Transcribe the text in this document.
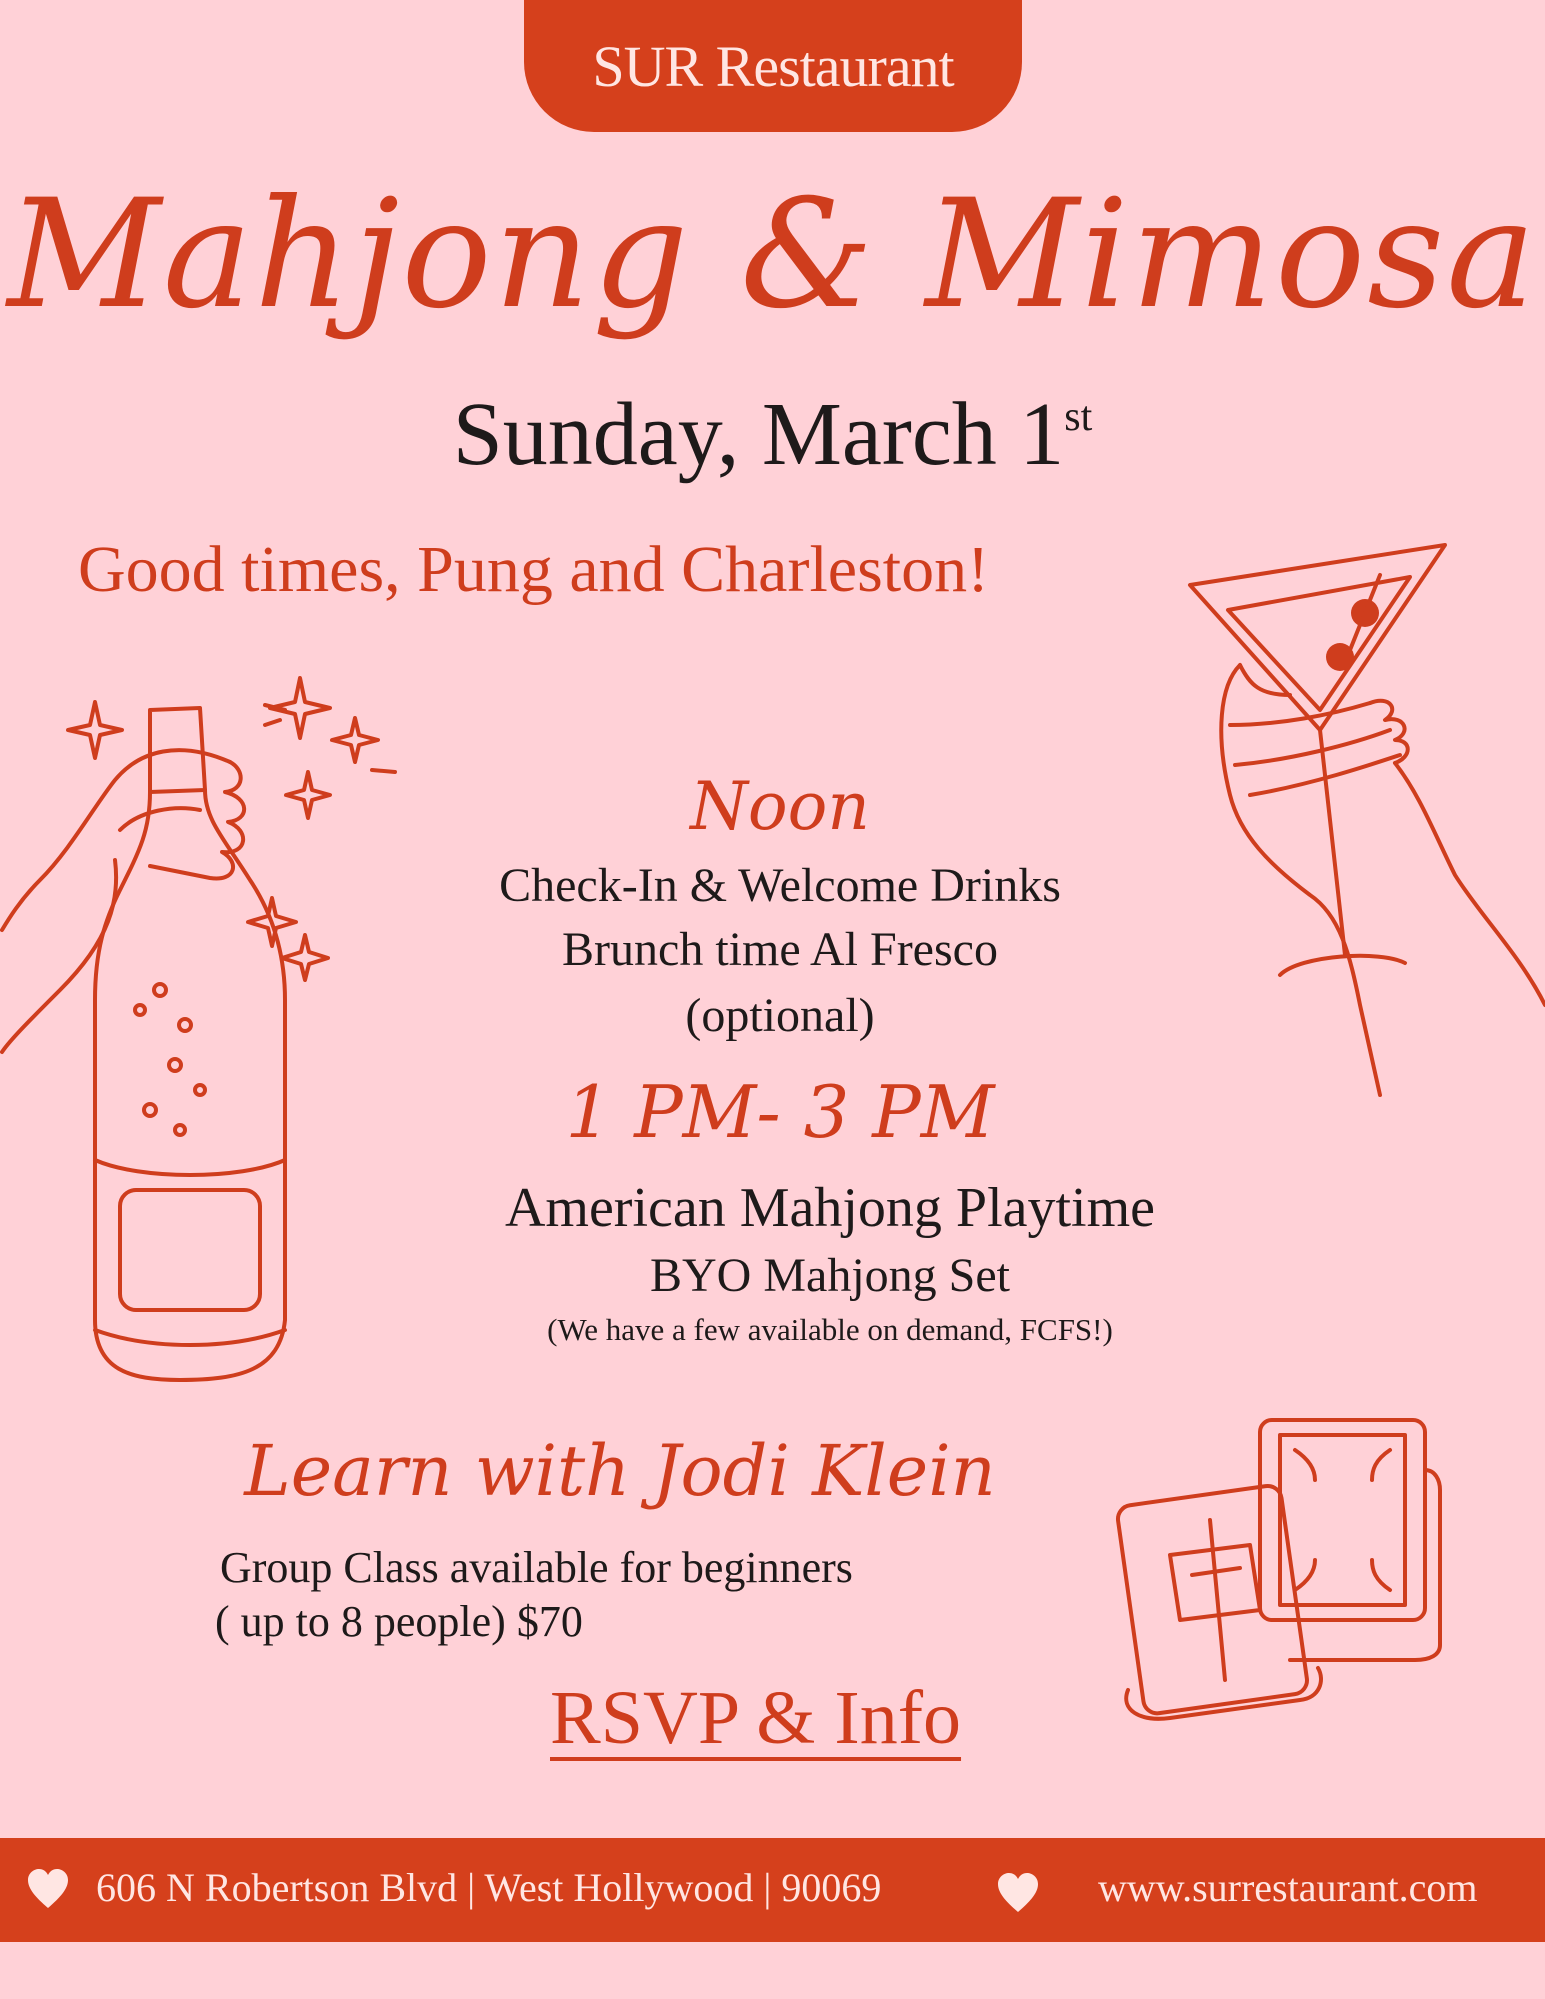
SUR Restaurant
Mahjong & Mimosa
Sunday, March 1st
Good times, Pung and Charleston!
Noon
Check-In & Welcome Drinks
Brunch time Al Fresco
(optional)
1 PM- 3 PM
American Mahjong Playtime
BYO Mahjong Set
(We have a few available on demand, FCFS!)
Learn with Jodi Klein
Group Class available for beginners
( up to 8 people) $70
RSVP & Info
606 N Robertson Blvd | West Hollywood | 90069	www.surrestaurant.com
